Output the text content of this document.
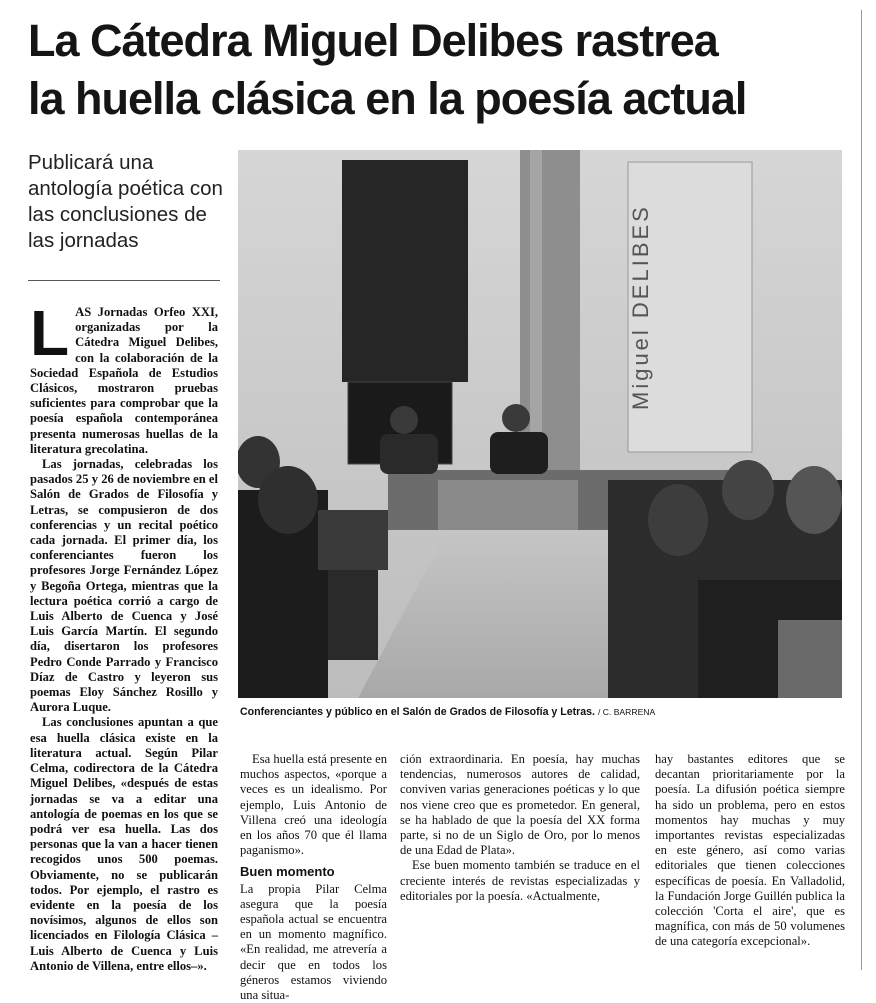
La Cátedra Miguel Delibes rastrea
la huella clásica en la poesía actual
Publicará una antología poética con las conclusiones de las jornadas
L AS Jornadas Orfeo XXI, organizadas por la Cátedra Miguel Delibes, con la colaboración de la Sociedad Española de Estudios Clásicos, mostraron pruebas suficientes para comprobar que la poesía española contemporánea presenta numerosas huellas de la literatura grecolatina.

Las jornadas, celebradas los pasados 25 y 26 de noviembre en el Salón de Grados de Filosofía y Letras, se compusieron de dos conferencias y un recital poético cada jornada. El primer día, los conferenciantes fueron los profesores Jorge Fernández López y Begoña Ortega, mientras que la lectura poética corrió a cargo de Luis Alberto de Cuenca y José Luis García Martín. El segundo día, disertaron los profesores Pedro Conde Parrado y Francisco Díaz de Castro y leyeron sus poemas Eloy Sánchez Rosillo y Aurora Luque.

Las conclusiones apuntan a que esa huella clásica existe en la literatura actual. Según Pilar Celma, codirectora de la Cátedra Miguel Delibes, «después de estas jornadas se va a editar una antología de poemas en los que se podrá ver esa huella. Las dos personas que la van a hacer tienen recogidos unos 500 poemas. Obviamente, no se publicarán todos. Por ejemplo, el rastro es evidente en la poesía de los novísimos, algunos de ellos son licenciados en Filología Clásica –Luis Alberto de Cuenca y Luis Antonio de Villena, entre ellos–».

Miguel DELIBES
Conferenciantes y público en el Salón de Grados de Filosofía y Letras. / C. BARRENA

Esa huella está presente en muchos aspectos, «porque a veces es un idealismo. Por ejemplo, Luis Antonio de Villena creó una ideología en los años 70 que él llama paganismo».

Buen momento

La propia Pilar Celma asegura que la poesía española actual se encuentra en un momento magnífico. «En realidad, me atrevería a decir que en todos los géneros estamos viviendo una situa-

ción extraordinaria. En poesía, hay muchas tendencias, numerosos autores de calidad, conviven varias generaciones poéticas y lo que nos viene creo que es prometedor. En general, se ha hablado de que la poesía del XX forma parte, si no de un Siglo de Oro, por lo menos de una Edad de Plata».

Ese buen momento también se traduce en el creciente interés de revistas especializadas y editoriales por la poesía. «Actualmente,

hay bastantes editores que se decantan prioritariamente por la poesía. La difusión poética siempre ha sido un problema, pero en estos momentos hay muchas y muy importantes revistas especializadas en este género, así como varias editoriales que tienen colecciones específicas de poesía. En Valladolid, la Fundación Jorge Guillén publica la colección 'Corta el aire', que es magnífica, con más de 50 volumenes de una categoría excepcional».
